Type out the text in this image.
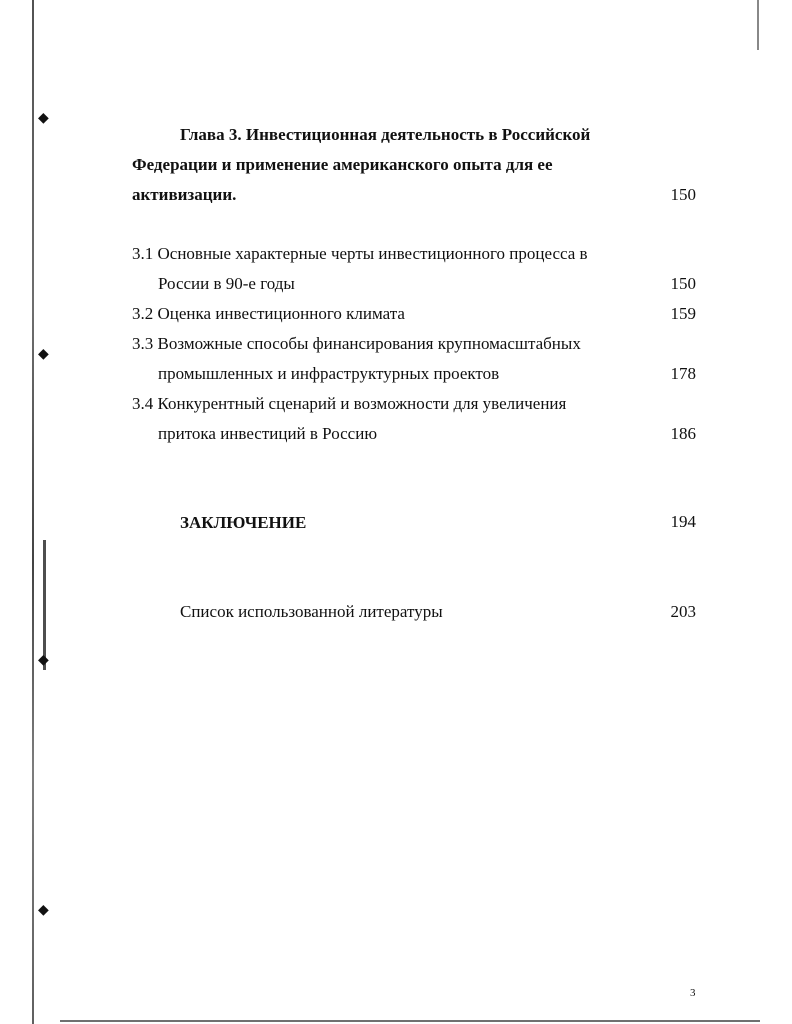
◆
◆
◆
◆
Глава 3. Инвестиционная деятельность в Российской
Федерации и применение американского опыта для ее
активизации.	150
3.1 Основные характерные черты инвестиционного процесса в
России в 90-е годы	150
3.2 Оценка инвестиционного климата	159
3.3 Возможные способы финансирования крупномасштабных
промышленных и инфраструктурных проектов	178
3.4 Конкурентный сценарий и возможности для увеличения
притока инвестиций в Россию	186
ЗАКЛЮЧЕНИЕ	194
Список использованной литературы	203
3
